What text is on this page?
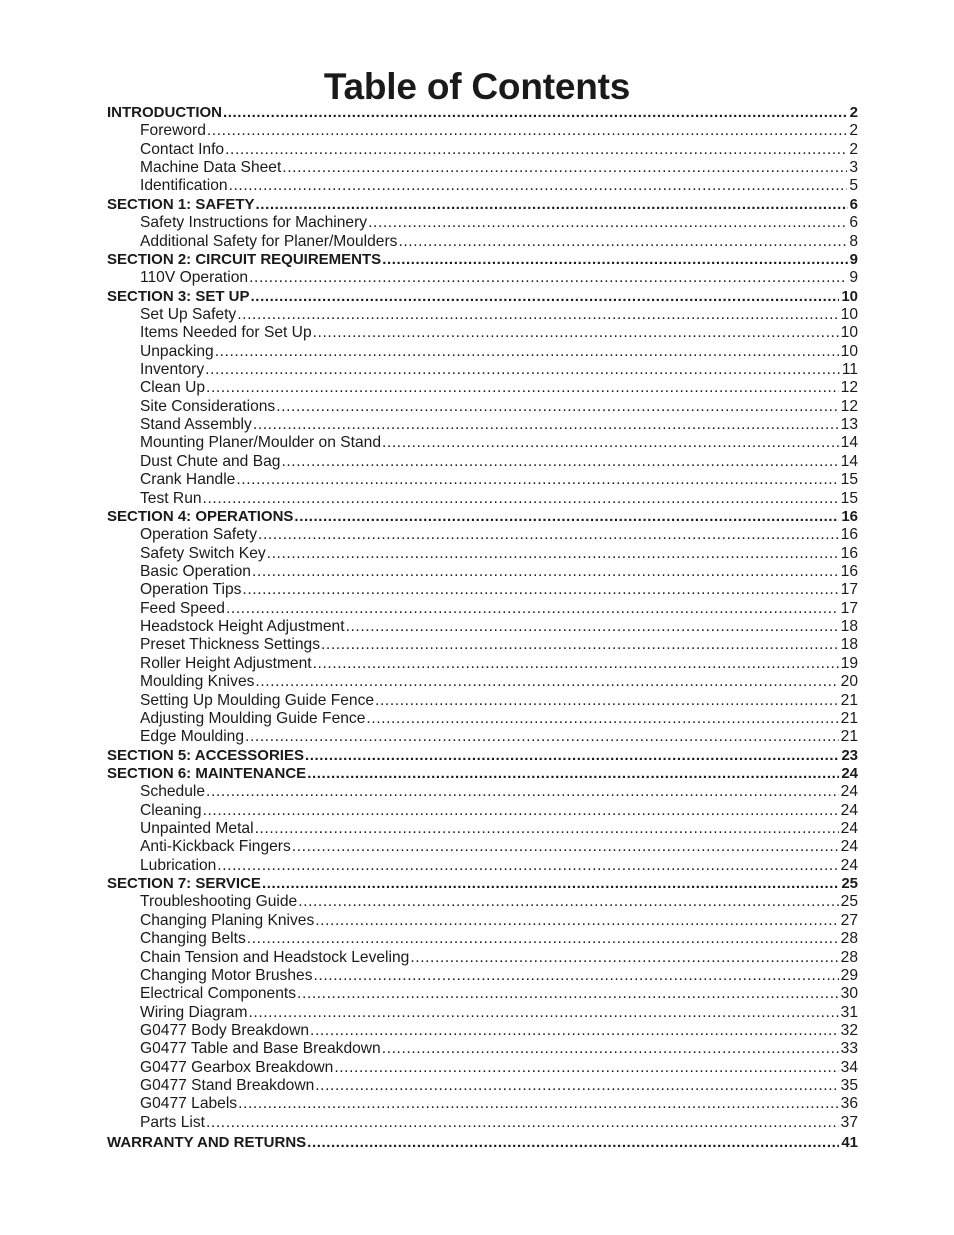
Table of Contents
INTRODUCTION .....	2
Foreword .....	2
Contact Info .....	2
Machine Data Sheet .....	3
Identification .....	5
SECTION 1: SAFETY .....	6
Safety Instructions for Machinery .....	6
Additional Safety for Planer/Moulders .....	8
SECTION 2: CIRCUIT REQUIREMENTS .....	9
110V Operation .....	9
SECTION 3: SET UP .....	10
Set Up Safety .....	10
Items Needed for Set Up .....	10
Unpacking .....	10
Inventory .....	11
Clean Up .....	12
Site Considerations .....	12
Stand Assembly .....	13
Mounting Planer/Moulder on Stand .....	14
Dust Chute and Bag .....	14
Crank Handle .....	15
Test Run .....	15
SECTION 4: OPERATIONS .....	16
Operation Safety .....	16
Safety Switch Key .....	16
Basic Operation .....	16
Operation Tips .....	17
Feed Speed .....	17
Headstock Height Adjustment .....	18
Preset Thickness Settings .....	18
Roller Height Adjustment .....	19
Moulding Knives .....	20
Setting Up Moulding Guide Fence .....	21
Adjusting Moulding Guide Fence .....	21
Edge Moulding .....	21
SECTION 5: ACCESSORIES .....	23
SECTION 6: MAINTENANCE .....	24
Schedule .....	24
Cleaning .....	24
Unpainted Metal .....	24
Anti-Kickback Fingers .....	24
Lubrication .....	24
SECTION 7: SERVICE .....	25
Troubleshooting Guide .....	25
Changing Planing Knives .....	27
Changing Belts .....	28
Chain Tension and Headstock Leveling .....	28
Changing Motor Brushes .....	29
Electrical Components .....	30
Wiring Diagram .....	31
G0477 Body Breakdown .....	32
G0477 Table and Base Breakdown .....	33
G0477 Gearbox Breakdown .....	34
G0477 Stand Breakdown .....	35
G0477 Labels .....	36
Parts List .....	37
WARRANTY AND RETURNS .....	41
